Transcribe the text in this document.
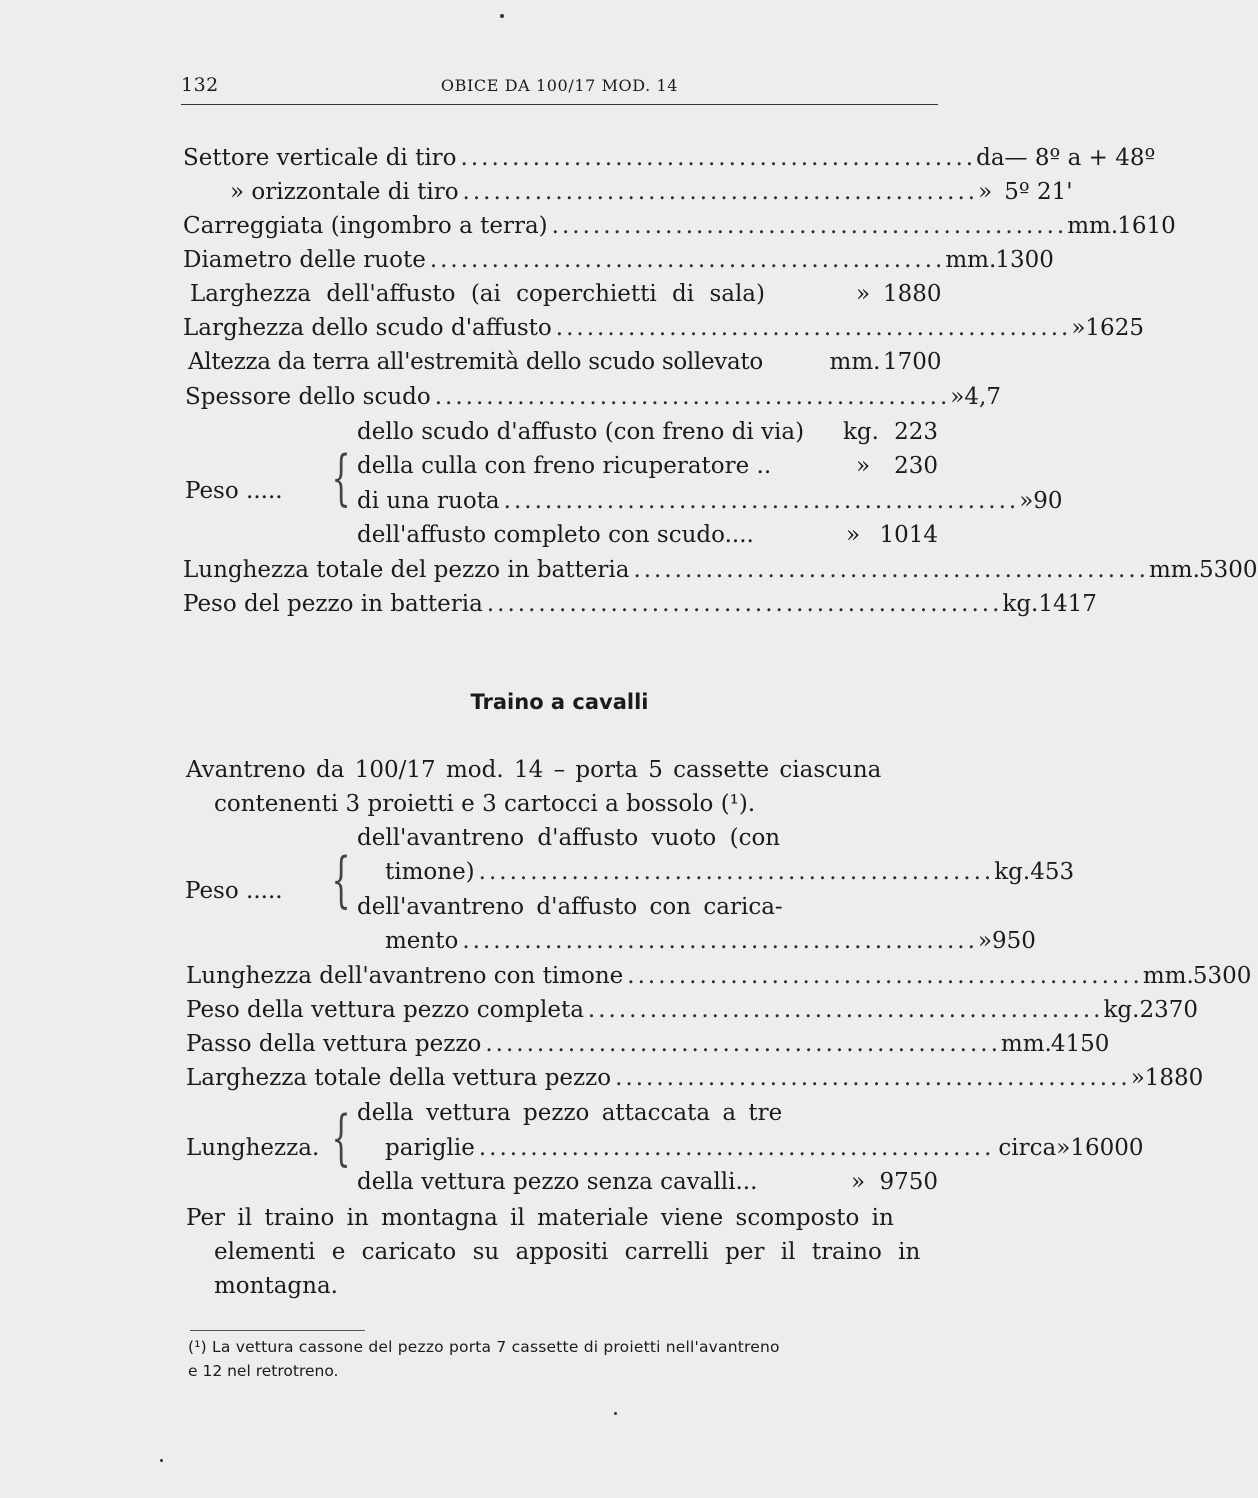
132	OBICE DA 100/17 MOD. 14
Settore verticale di tiro .................................................. da — 8º a + 48º
» orizzontale di tiro .................................................. » 5º 21'
Carreggiata (ingombro a terra) .................................................. mm. 1610
Diametro delle ruote .................................................. mm. 1300
Larghezza dell'affusto (ai coperchietti di sala)	» 1880
Larghezza dello scudo d'affusto .................................................. » 1625
Altezza da terra all'estremità dello scudo sollevato	mm. 1700
Spessore dello scudo .................................................. » 4,7
Peso ..... {
dello scudo d'affusto (con freno di via) kg. 223
della culla con freno ricuperatore ..	»	230
di una ruota .................................................. » 90
dell'affusto completo con scudo....	» 1014
Lunghezza totale del pezzo in batteria .................................................. mm. 5300
Peso del pezzo in batteria .................................................. kg. 1417
Traino a cavalli
Avantreno da 100/17 mod. 14 – porta 5 cassette ciascuna
contenenti 3 proietti e 3 cartocci a bossolo (¹).
Peso ..... {
dell'avantreno d'affusto vuoto (con
timone) .................................................. kg. 453
dell'avantreno d'affusto con carica-
mento .................................................. » 950
Lunghezza dell'avantreno con timone .................................................. mm. 5300
Peso della vettura pezzo completa .................................................. kg. 2370
Passo della vettura pezzo .................................................. mm. 4150
Larghezza totale della vettura pezzo .................................................. » 1880
Lunghezza. { della vettura pezzo attaccata a tre
pariglie .................................................. circa » 16000
della vettura pezzo senza cavalli...	» 9750
Per il traino in montagna il materiale viene scomposto in
elementi e caricato su appositi carrelli per il traino in
montagna.
(¹) La vettura cassone del pezzo porta 7 cassette di proietti nell'avantreno
e 12 nel retrotreno.
